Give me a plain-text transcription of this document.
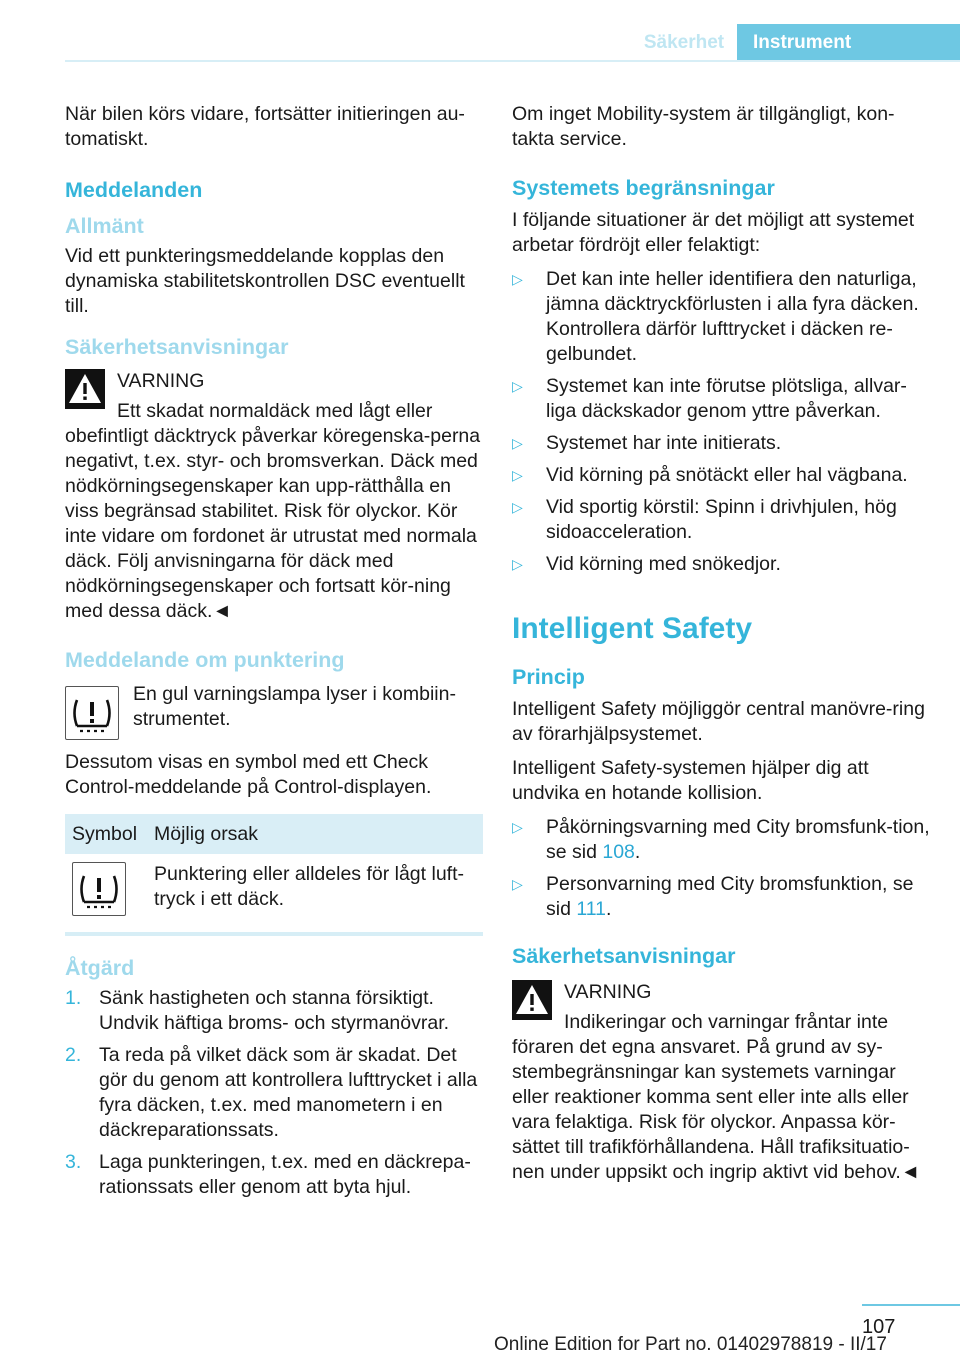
Säkerhet	Instrument

När bilen körs vidare, fortsätter initieringen au-tomatiskt.

Meddelanden
Allmänt

Vid ett punkteringsmeddelande kopplas den dynamiska stabilitetskontrollen DSC eventuellt till.

Säkerhetsanvisningar

VARNING

Ett skadat normaldäck med lågt eller

obefintligt däcktryck påverkar köregenska-perna negativt, t.ex. styr- och bromsverkan. Däck med nödkörningsegenskaper kan upp-rätthålla en viss begränsad stabilitet. Risk för olyckor. Kör inte vidare om fordonet är utrustat med normala däck. Följ anvisningarna för däck med nödkörningsegenskaper och fortsatt kör-ning med dessa däck.◄

Meddelande om punktering

En gul varningslampa lyser i kombiin-strumentet.

Dessutom visas en symbol med ett Check Control-meddelande på Control-displayen.

Symbol	Möjlig orsak

	Punktering eller alldeles för lågt luft-tryck i ett däck.
Åtgärd
1. Sänk hastigheten och stanna försiktigt. Undvik häftiga broms- och styrmanövrar.
2. Ta reda på vilket däck som är skadat. Det gör du genom att kontrollera lufttrycket i alla fyra däcken, t.ex. med manometern i en däckreparationssats.
3. Laga punkteringen, t.ex. med en däckrepa-rationssats eller genom att byta hjul.

Om inget Mobility-system är tillgängligt, kon-takta service.

Systemets begränsningar

I följande situationer är det möjligt att systemet arbetar fördröjt eller felaktigt:

▷ Det kan inte heller identifiera den naturliga, jämna däcktryckförlusten i alla fyra däcken. Kontrollera därför lufttrycket i däcken re-gelbundet.
▷ Systemet kan inte förutse plötsliga, allvar-liga däckskador genom yttre påverkan.
▷ Systemet har inte initierats.
▷ Vid körning på snötäckt eller hal vägbana.
▷ Vid sportig körstil: Spinn i drivhjulen, hög sidoacceleration.
▷ Vid körning med snökedjor.
Intelligent Safety
Princip

Intelligent Safety möjliggör central manövre-ring av förarhjälpsystemet.

Intelligent Safety-systemen hjälper dig att undvika en hotande kollision.

▷ Påkörningsvarning med City bromsfunk-tion, se sid 108.
▷ Personvarning med City bromsfunktion, se sid 111.
Säkerhetsanvisningar

VARNING

Indikeringar och varningar fråntar inte

föraren det egna ansvaret. På grund av sy-stembegränsningar kan systemets varningar eller reaktioner komma sent eller inte alls eller vara felaktiga. Risk för olyckor. Anpassa kör-sättet till trafikförhållandena. Håll trafiksituatio-nen under uppsikt och ingrip aktivt vid behov.◄

107
Online Edition for Part no. 01402978819 - II/17
